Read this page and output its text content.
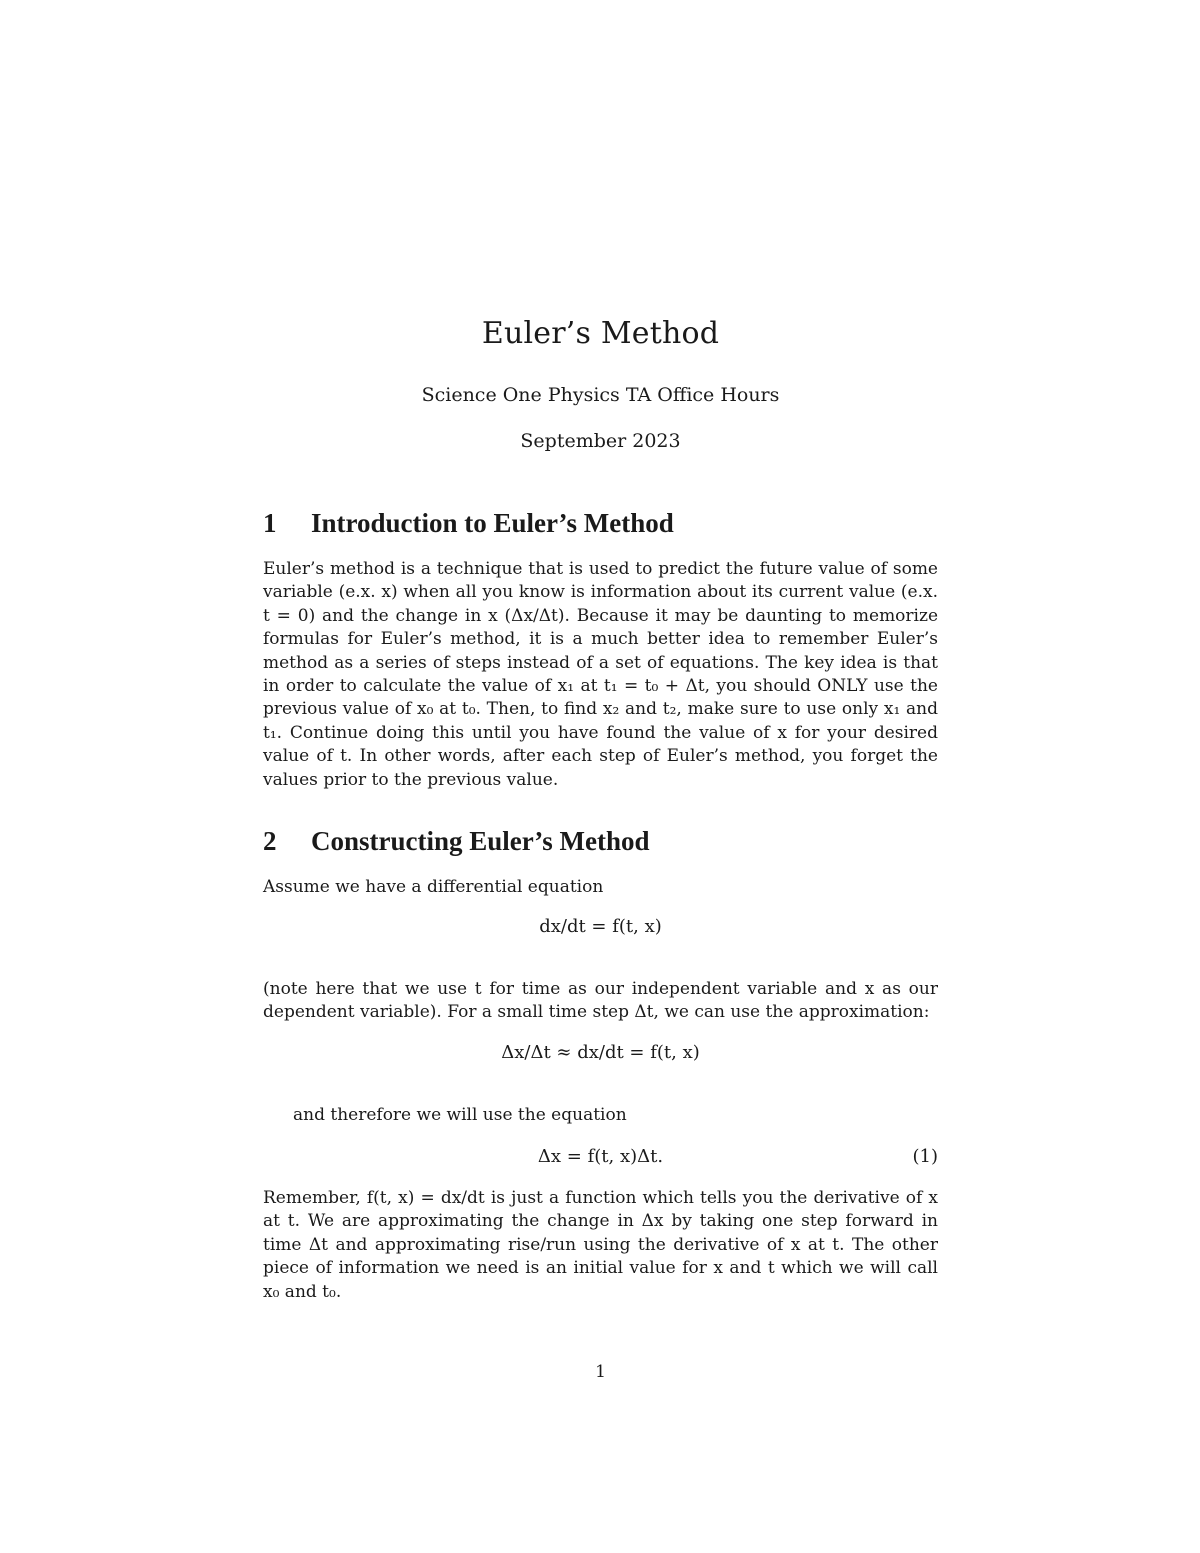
Euler’s Method

Science One Physics TA Office Hours

September 2023

1 Introduction to Euler’s Method

Euler’s method is a technique that is used to predict the future value of some variable (e.x. x) when all you know is information about its current value (e.x. t = 0) and the change in x (Δx/Δt). Because it may be daunting to memorize formulas for Euler’s method, it is a much better idea to remember Euler’s method as a series of steps instead of a set of equations. The key idea is that in order to calculate the value of x₁ at t₁ = t₀ + Δt, you should ONLY use the previous value of x₀ at t₀. Then, to find x₂ and t₂, make sure to use only x₁ and t₁. Continue doing this until you have found the value of x for your desired value of t. In other words, after each step of Euler’s method, you forget the values prior to the previous value.

2 Constructing Euler’s Method

Assume we have a differential equation

dx/dt = f(t, x)

(note here that we use t for time as our independent variable and x as our dependent variable). For a small time step Δt, we can use the approximation:

Δx/Δt ≈ dx/dt = f(t, x)

and therefore we will use the equation

Δx = f(t, x)Δt.	(1)

Remember, f(t, x) = dx/dt is just a function which tells you the derivative of x at t. We are approximating the change in Δx by taking one step forward in time Δt and approximating rise/run using the derivative of x at t. The other piece of information we need is an initial value for x and t which we will call x₀ and t₀.

1
